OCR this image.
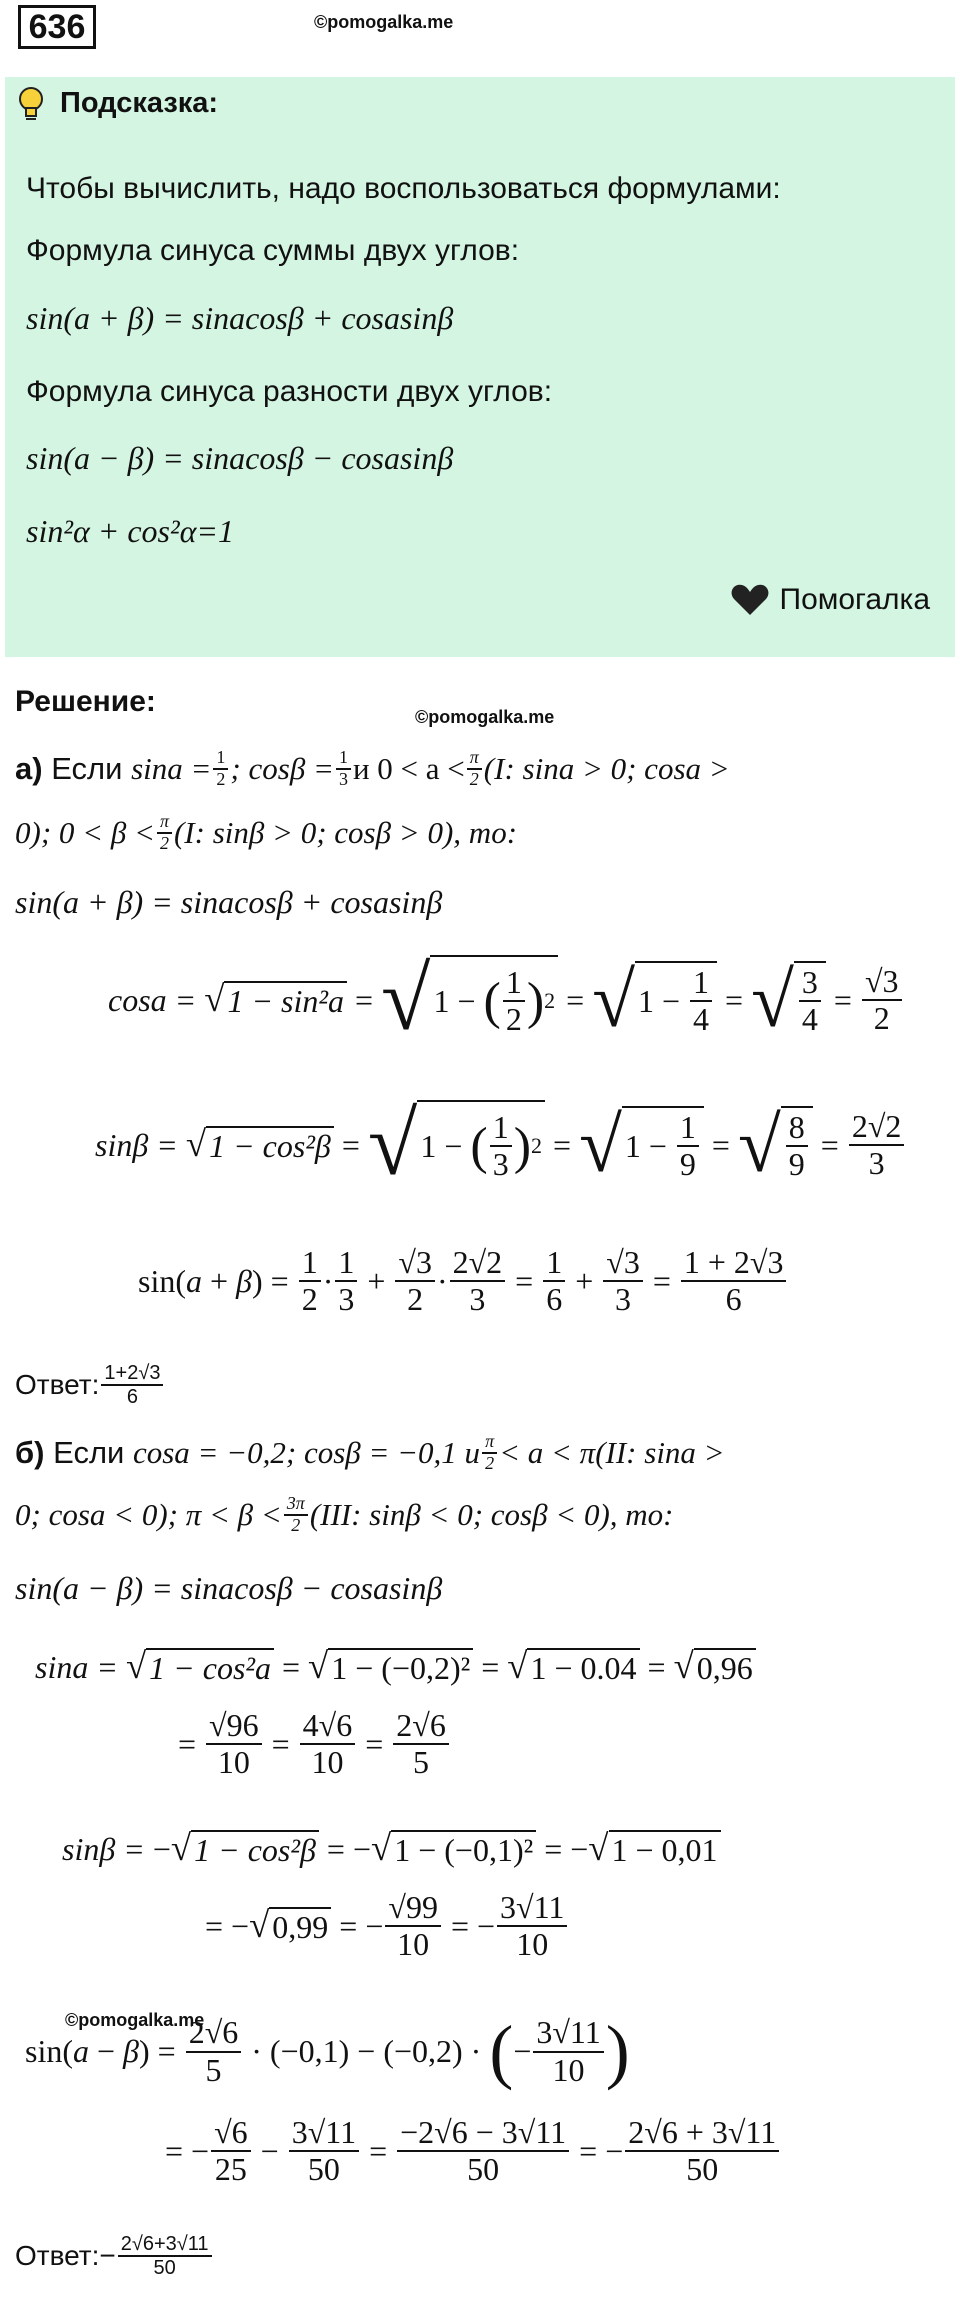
636	©pomogalka.me
Подсказка:
Чтобы вычислить, надо воспользоваться формулами:
Формула синуса суммы двух углов:
sin(a + β) = sinacosβ + cosasinβ
Формула синуса разности двух углов:
sin(a − β) = sinacosβ − cosasinβ
sin²α + cos²α=1
Помогалка
Решение:	©pomogalka.me
а)
Если
$\sin a = \frac{1}{2}$ ; $\cos\beta = \frac{1}{3}$ и $0 < a < \frac{\pi}{2} (I$: sina > 0; cosa >
0); $0 < \beta < \frac{\pi}{2} (I$: sinβ > 0; cosβ > 0), то:
sin(a + β) = sinacosβ + cosasinβ
cosa = √ 1 − sin²a = √ 1 − ( $\frac{1}{2}$ ) 2 = √ $1 - \frac{1}{4}$ = √ $\frac{3}{4} = \frac{√3}{2}$
sinβ = √ 1 − cos²β = √ 1 − ( $\frac{1}{3}$ ) 2 = √ $1 - \frac{1}{9}$ = √ $\frac{8}{9} = \frac{2√2}{3}$
$\sin(a + \beta) = \frac{1}{2} \cdot \frac{1}{3} + \frac{√3}{2} \cdot \frac{2√2}{3} = \frac{1}{6} + \frac{√3}{3} = \frac{1 + 2√3}{6}$
Ответ: $\frac{1+2√3}{6}$
б)
Если
cosa = −0,2; cosβ = −0,1 и $\frac{\pi}{2} < a < \pi(II$: sina >
0; cosa < 0); $\pi < \beta < \frac{3\pi}{2} (III$: sinβ < 0; cosβ < 0), то:
sin(a − β) = sinacosβ − cosasinβ
sina = √ 1 − cos²a = √ 1 − (−0,2)² = √ 1 − 0.04 = √ 0,96
= $\frac{√96}{10} = \frac{4√6}{10} = \frac{2√6}{5}$
sinβ = − √ 1 − cos²β = − √ 1 − (−0,1)² = − √ 1 − 0,01
= − √ 0,99 = − $\frac{√99}{10}$ = − $\frac{3√11}{10}$
©pomogalka.me
$\sin(a - \beta) = \frac{2√6}{5} \cdot (-0,1) - (-0,2)$ · ( − $\frac{3√11}{10}$ )
= − $\frac{√6}{25} - \frac{3√11}{50} = \frac{-2√6 - 3√11}{50}$ = − $\frac{2√6 + 3√11}{50}$
Ответ:− $\frac{2√6+3√11}{50}$
